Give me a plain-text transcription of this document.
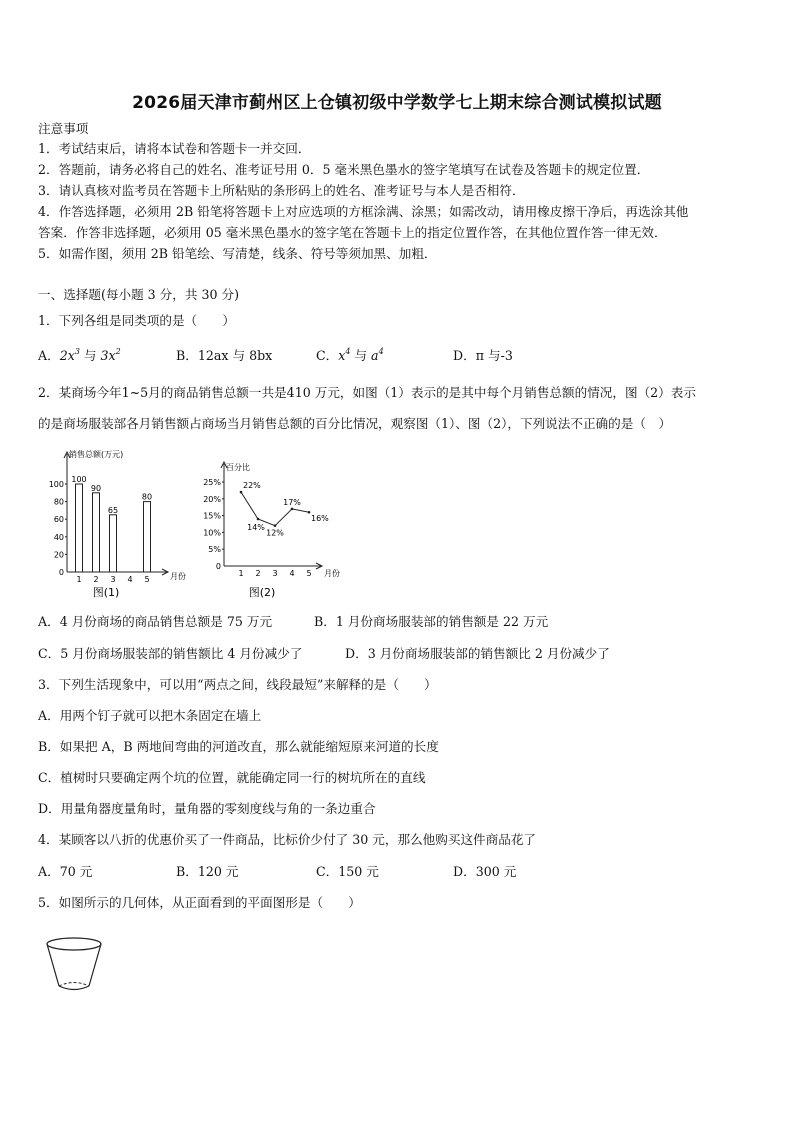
2026届天津市蓟州区上仓镇初级中学数学七上期末综合测试模拟试题
注意事项
1．考试结束后，请将本试卷和答题卡一并交回．
2．答题前，请务必将自己的姓名、准考证号用 0．5 毫米黑色墨水的签字笔填写在试卷及答题卡的规定位置．
3．请认真核对监考员在答题卡上所粘贴的条形码上的姓名、准考证号与本人是否相符．
4．作答选择题，必须用 2B 铅笔将答题卡上对应选项的方框涂满、涂黑；如需改动，请用橡皮擦干净后，再选涂其他
答案．作答非选择题，必须用 05 毫米黑色墨水的签字笔在答题卡上的指定位置作答，在其他位置作答一律无效．
5．如需作图，须用 2B 铅笔绘、写清楚，线条、符号等须加黑、加粗．
一、选择题(每小题 3 分，共 30 分)
1．下列各组是同类项的是（　　）
A．$2x^3$ 与 $3x^2$	B．12ax 与 8bx	C．$x^4$ 与 $a^4$	D．π 与-3
2．某商场今年1~5月的商品销售总额一共是410 万元，如图（1）表示的是其中每个月销售总额的情况，图（2）表示
的是商场服装部各月销售额占商场当月销售总额的百分比情况，观察图（1）、图（2），下列说法不正确的是（　）
销售总额(万元)
月份
0
20
40
60
80
100
1
100
2
90
3
65
4 5
80
图(1)
百分比
月份
0
5%
10%
15%
20%
25%
1 2 3 4 5
22%
14%
12%
17%
16%
图(2)
A．4 月份商场的商品销售总额是 75 万元	B．1 月份商场服装部的销售额是 22 万元
C．5 月份商场服装部的销售额比 4 月份减少了	D．3 月份商场服装部的销售额比 2 月份减少了
3．下列生活现象中，可以用“两点之间，线段最短”来解释的是（　　）
A．用两个钉子就可以把木条固定在墙上
B．如果把 A，B 两地间弯曲的河道改直，那么就能缩短原来河道的长度
C．植树时只要确定两个坑的位置，就能确定同一行的树坑所在的直线
D．用量角器度量角时，量角器的零刻度线与角的一条边重合
4．某顾客以八折的优惠价买了一件商品，比标价少付了 30 元，那么他购买这件商品花了
A．70 元	B．120 元	C．150 元	D．300 元
5．如图所示的几何体，从正面看到的平面图形是（　　）
